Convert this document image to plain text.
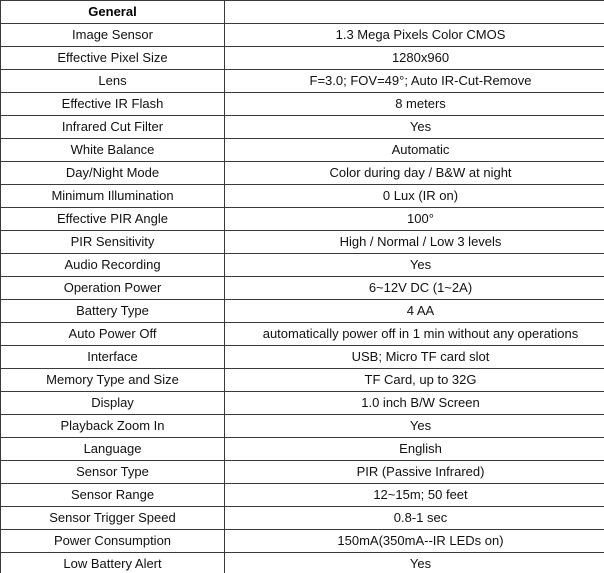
General	
Image Sensor	1.3 Mega Pixels Color CMOS
Effective Pixel Size	1280x960
Lens	F=3.0; FOV=49°; Auto IR-Cut-Remove
Effective IR Flash	8 meters
Infrared Cut Filter	Yes
White Balance	Automatic
Day/Night Mode	Color during day / B&W at night
Minimum Illumination	0 Lux (IR on)
Effective PIR Angle	100°
PIR Sensitivity	High / Normal / Low 3 levels
Audio Recording	Yes
Operation Power	6~12V DC (1~2A)
Battery Type	4 AA
Auto Power Off	automatically power off in 1 min without any operations
Interface	USB; Micro TF card slot
Memory Type and Size	TF Card, up to 32G
Display	1.0 inch B/W Screen
Playback Zoom In	Yes
Language	English
Sensor Type	PIR (Passive Infrared)
Sensor Range	12~15m; 50 feet
Sensor Trigger Speed	0.8-1 sec
Power Consumption	150mA(350mA--IR LEDs on)
Low Battery Alert	Yes
